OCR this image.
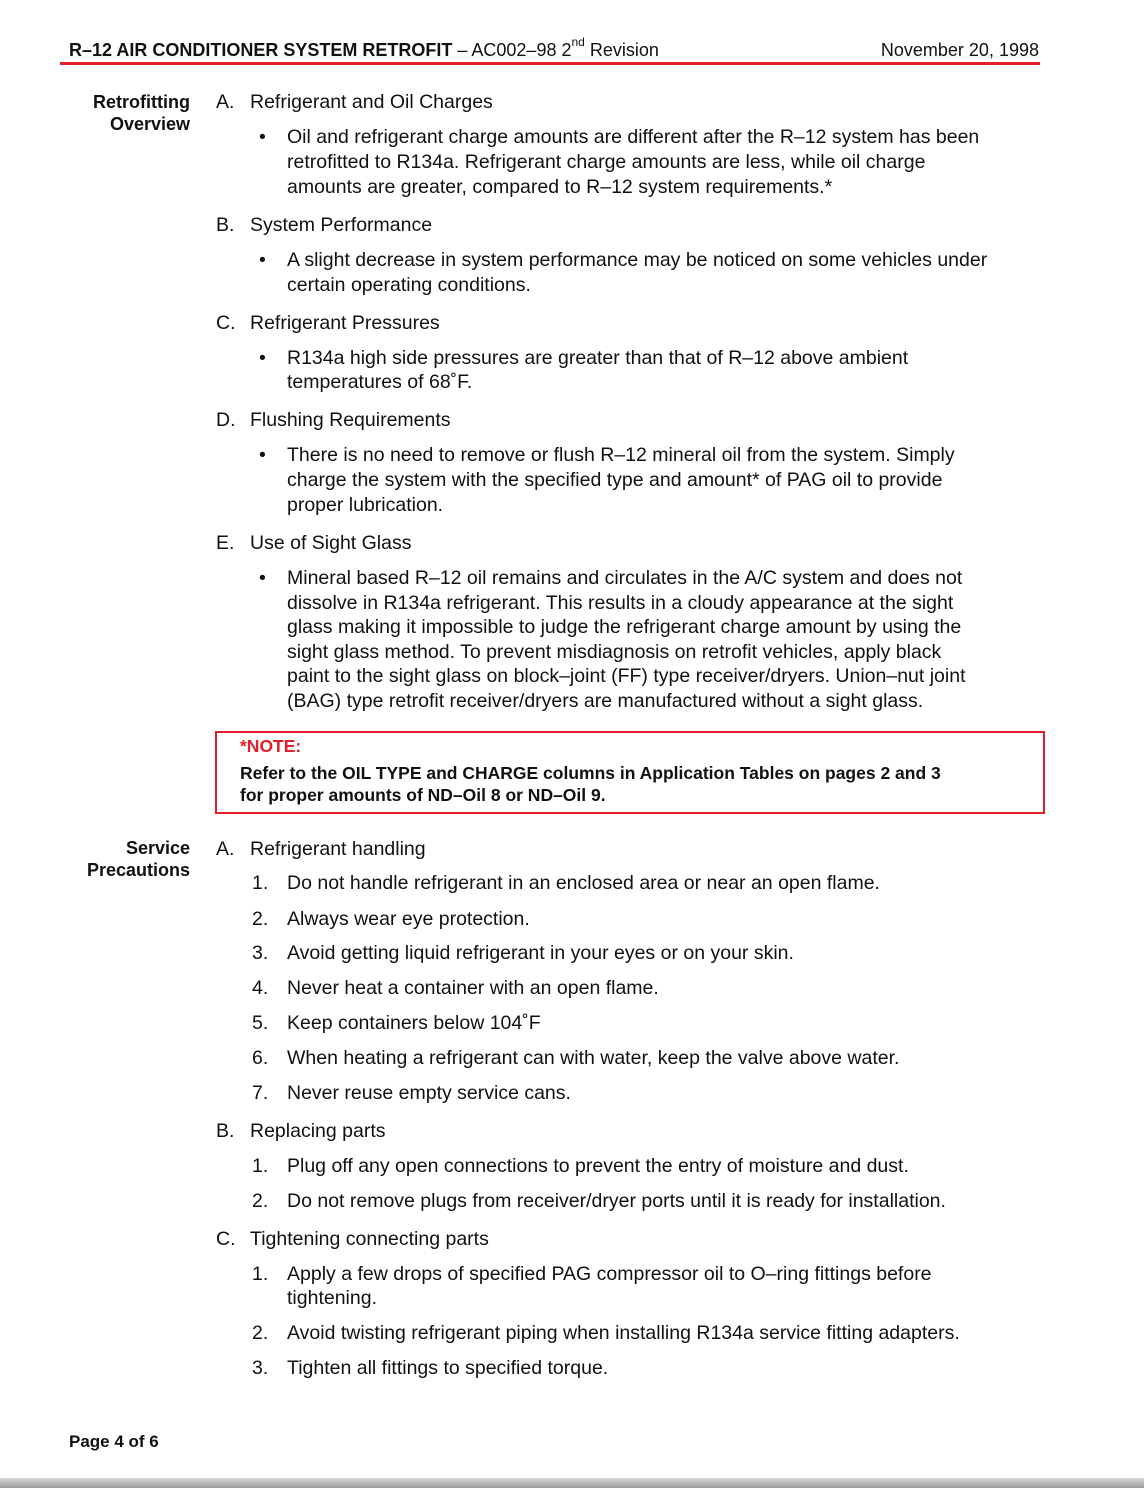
R–12 AIR CONDITIONER SYSTEM RETROFIT – AC002–98 2nd Revision	November 20, 1998
Retrofitting
Overview
A. Refrigerant and Oil Charges
• Oil and refrigerant charge amounts are different after the R–12 system has been
retrofitted to R134a. Refrigerant charge amounts are less, while oil charge
amounts are greater, compared to R–12 system requirements.*
B. System Performance
• A slight decrease in system performance may be noticed on some vehicles under
certain operating conditions.
C. Refrigerant Pressures
• R134a high side pressures are greater than that of R–12 above ambient
temperatures of 68˚F.
D. Flushing Requirements
• There is no need to remove or flush R–12 mineral oil from the system. Simply
charge the system with the specified type and amount* of PAG oil to provide
proper lubrication.
E. Use of Sight Glass
• Mineral based R–12 oil remains and circulates in the A/C system and does not
dissolve in R134a refrigerant. This results in a cloudy appearance at the sight
glass making it impossible to judge the refrigerant charge amount by using the
sight glass method. To prevent misdiagnosis on retrofit vehicles, apply black
paint to the sight glass on block–joint (FF) type receiver/dryers. Union–nut joint
(BAG) type retrofit receiver/dryers are manufactured without a sight glass.
*NOTE:
Refer to the OIL TYPE and CHARGE columns in Application Tables on pages 2 and 3
for proper amounts of ND–Oil 8 or ND–Oil 9.
Service
Precautions
A. Refrigerant handling
1. Do not handle refrigerant in an enclosed area or near an open flame.
2. Always wear eye protection.
3. Avoid getting liquid refrigerant in your eyes or on your skin.
4. Never heat a container with an open flame.
5. Keep containers below 104˚F
6. When heating a refrigerant can with water, keep the valve above water.
7. Never reuse empty service cans.
B. Replacing parts
1. Plug off any open connections to prevent the entry of moisture and dust.
2. Do not remove plugs from receiver/dryer ports until it is ready for installation.
C. Tightening connecting parts
1. Apply a few drops of specified PAG compressor oil to O–ring fittings before
tightening.
2. Avoid twisting refrigerant piping when installing R134a service fitting adapters.
3. Tighten all fittings to specified torque.
Page 4 of 6
